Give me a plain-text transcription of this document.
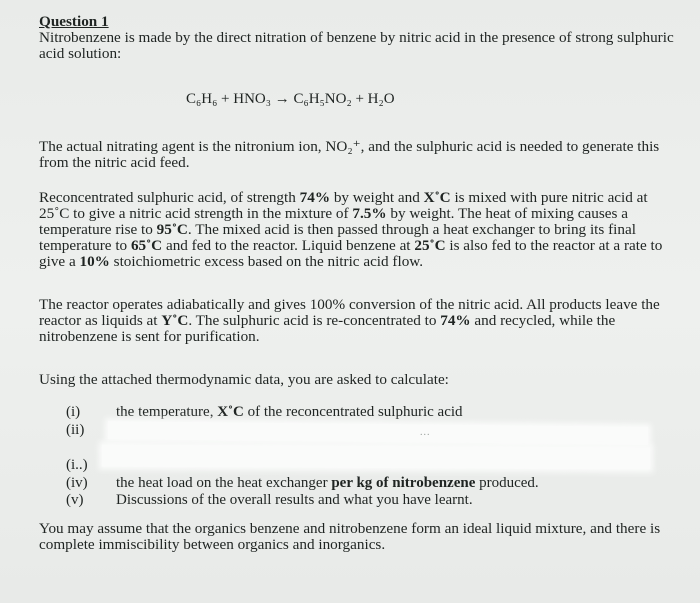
Question 1
Nitrobenzene is made by the direct nitration of benzene by nitric acid in the presence of strong sulphuric acid solution:
C₆H₆ + HNO₃ → C₆H₅NO₂ + H₂O
The actual nitrating agent is the nitronium ion, NO₂⁺, and the sulphuric acid is needed to generate this from the nitric acid feed.
Reconcentrated sulphuric acid, of strength 74% by weight and X˚C is mixed with pure nitric acid at 25˚C to give a nitric acid strength in the mixture of 7.5% by weight. The heat of mixing causes a temperature rise to 95˚C. The mixed acid is then passed through a heat exchanger to bring its final temperature to 65˚C and fed to the reactor. Liquid benzene at 25˚C is also fed to the reactor at a rate to give a 10% stoichiometric excess based on the nitric acid flow.
The reactor operates adiabatically and gives 100% conversion of the nitric acid. All products leave the reactor as liquids at Y˚C. The sulphuric acid is re-concentrated to 74% and recycled, while the nitrobenzene is sent for purification.
Using the attached thermodynamic data, you are asked to calculate:
(i)	the temperature, X˚C of the reconcentrated sulphuric acid
(ii)
(i..)
(iv)	the heat load on the heat exchanger per kg of nitrobenzene produced.
(v)	Discussions of the overall results and what you have learnt.
...
You may assume that the organics benzene and nitrobenzene form an ideal liquid mixture, and there is complete immiscibility between organics and inorganics.
